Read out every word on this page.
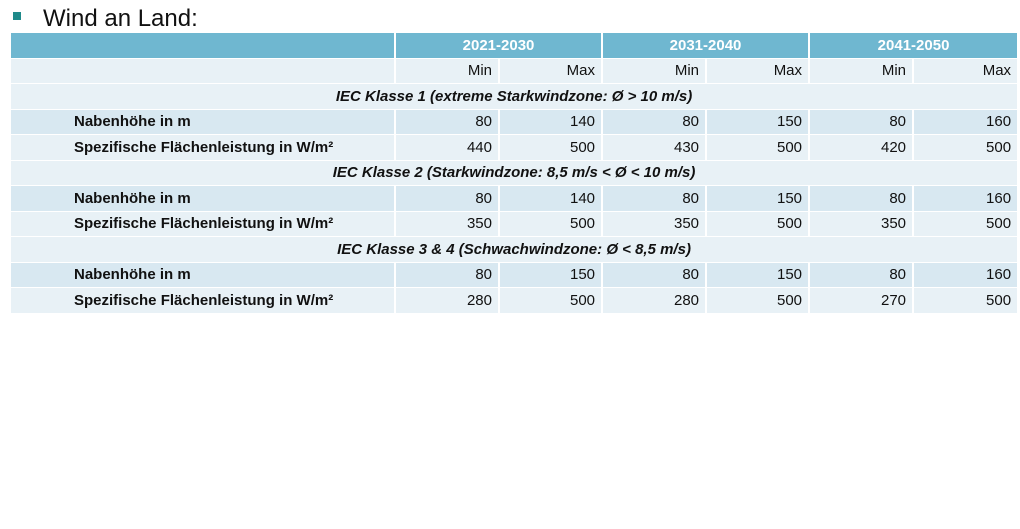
Wind an Land:
	2021-2030		2031-2040		2041-2050	
	Min	Max	Min	Max	Min	Max
IEC Klasse 1 (extreme Starkwindzone: Ø > 10 m/s)						
Nabenhöhe in m	80	140	80	150	80	160
Spezifische Flächenleistung in W/m²	440	500	430	500	420	500
IEC Klasse 2 (Starkwindzone: 8,5 m/s < Ø < 10 m/s)						
Nabenhöhe in m	80	140	80	150	80	160
Spezifische Flächenleistung in W/m²	350	500	350	500	350	500
IEC Klasse 3 & 4 (Schwachwindzone: Ø < 8,5 m/s)						
Nabenhöhe in m	80	150	80	150	80	160
Spezifische Flächenleistung in W/m²	280	500	280	500	270	500
